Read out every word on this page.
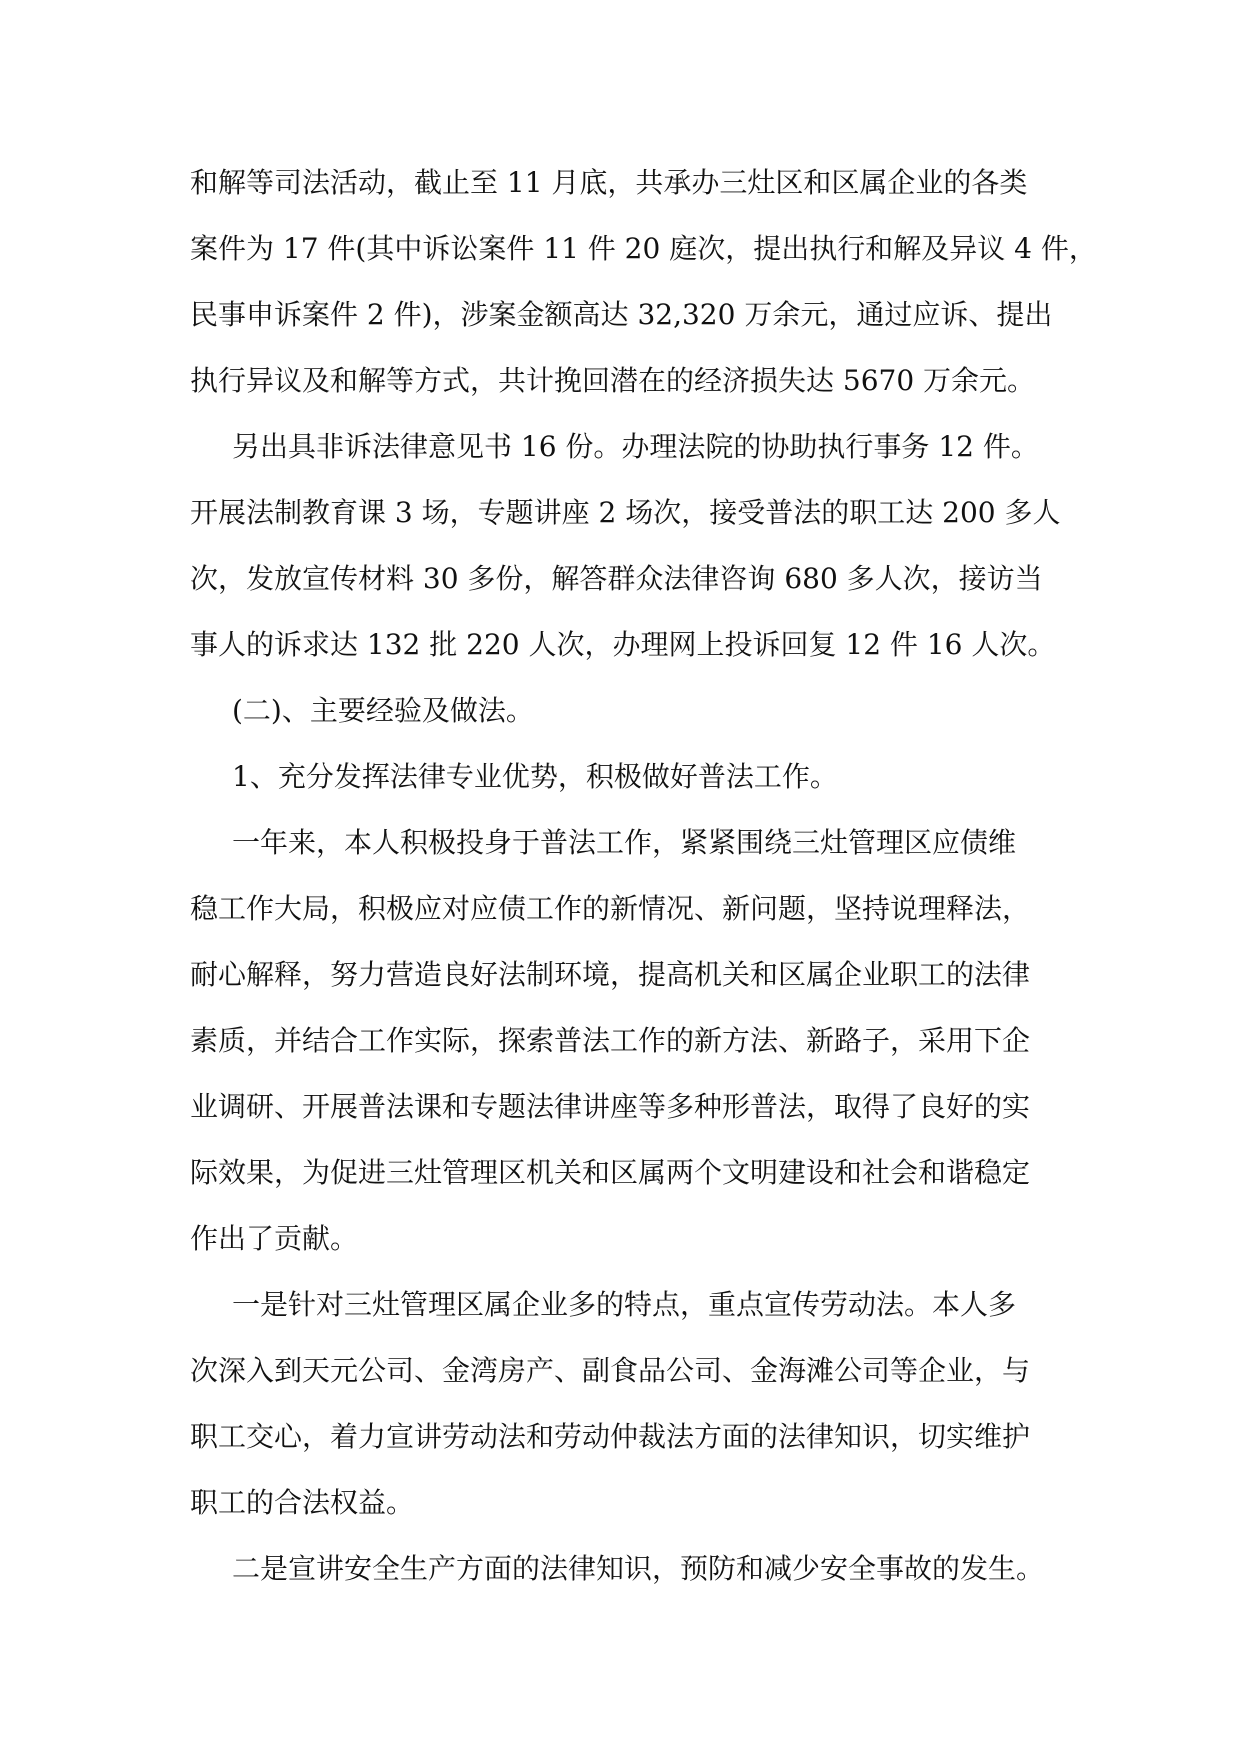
和解等司法活动，截止至 11 月底，共承办三灶区和区属企业的各类
案件为 17 件(其中诉讼案件 11 件 20 庭次，提出执行和解及异议 4 件，
民事申诉案件 2 件)，涉案金额高达 32,320 万余元，通过应诉、提出
执行异议及和解等方式，共计挽回潜在的经济损失达 5670 万余元。
另出具非诉法律意见书 16 份。办理法院的协助执行事务 12 件。
开展法制教育课 3 场，专题讲座 2 场次，接受普法的职工达 200 多人
次，发放宣传材料 30 多份，解答群众法律咨询 680 多人次，接访当
事人的诉求达 132 批 220 人次，办理网上投诉回复 12 件 16 人次。
(二)、主要经验及做法。
1、充分发挥法律专业优势，积极做好普法工作。
一年来，本人积极投身于普法工作，紧紧围绕三灶管理区应债维
稳工作大局，积极应对应债工作的新情况、新问题，坚持说理释法，
耐心解释，努力营造良好法制环境，提高机关和区属企业职工的法律
素质，并结合工作实际，探索普法工作的新方法、新路子，采用下企
业调研、开展普法课和专题法律讲座等多种形普法，取得了良好的实
际效果，为促进三灶管理区机关和区属两个文明建设和社会和谐稳定
作出了贡献。
一是针对三灶管理区属企业多的特点，重点宣传劳动法。本人多
次深入到天元公司、金湾房产、副食品公司、金海滩公司等企业，与
职工交心，着力宣讲劳动法和劳动仲裁法方面的法律知识，切实维护
职工的合法权益。
二是宣讲安全生产方面的法律知识，预防和减少安全事故的发生。
